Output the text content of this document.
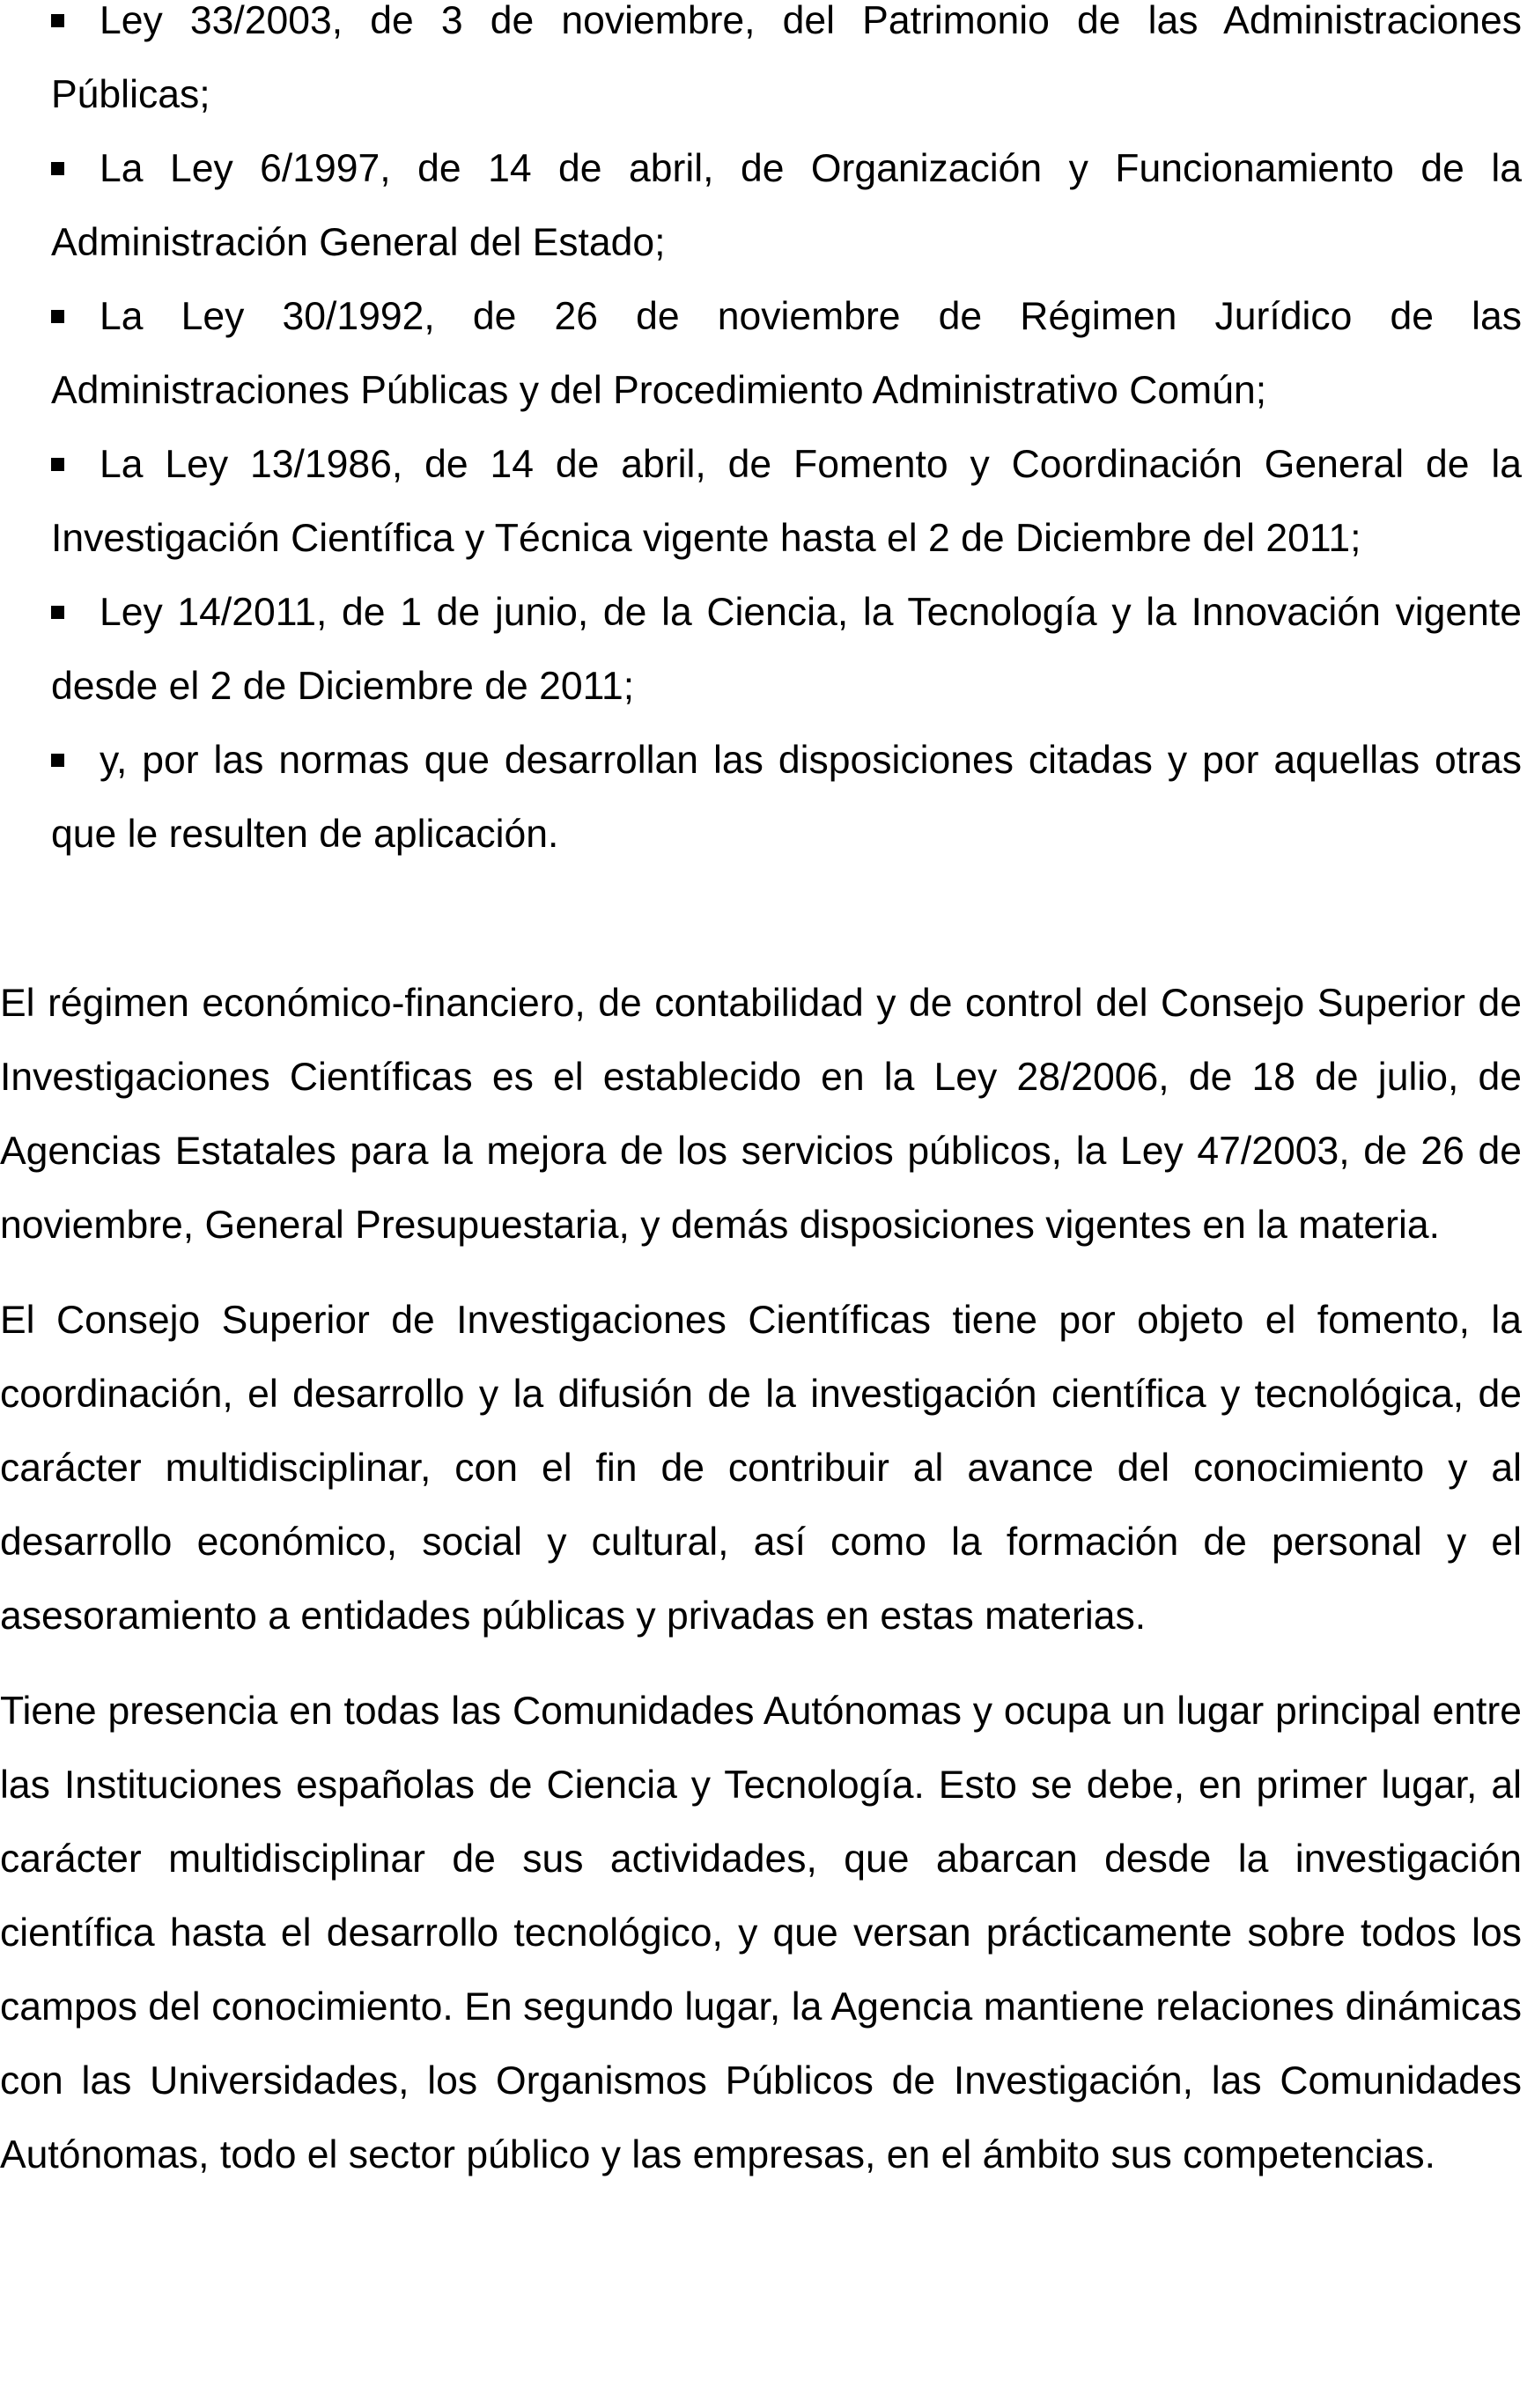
Ley 33/2003, de 3 de noviembre, del Patrimonio de las Administraciones Públicas;
La Ley 6/1997, de 14 de abril, de Organización y Funcionamiento de la Administración General del Estado;
La Ley 30/1992, de 26 de noviembre de Régimen Jurídico de las Administraciones Públicas y del Procedimiento Administrativo Común;
La Ley 13/1986, de 14 de abril, de Fomento y Coordinación General de la Investigación Científica y Técnica vigente hasta el 2 de Diciembre del 2011;
Ley 14/2011, de 1 de junio, de la Ciencia, la Tecnología y la Innovación vigente desde el 2 de Diciembre de 2011;
y, por las normas que desarrollan las disposiciones citadas y por aquellas otras que le resulten de aplicación.

El régimen económico-financiero, de contabilidad y de control del Consejo Superior de Investigaciones Científicas es el establecido en la Ley 28/2006, de 18 de julio, de Agencias Estatales para la mejora de los servicios públicos, la Ley 47/2003, de 26 de noviembre, General Presupuestaria, y demás disposiciones vigentes en la materia.

El Consejo Superior de Investigaciones Científicas tiene por objeto el fomento, la coordinación, el desarrollo y la difusión de la investigación científica y tecnológica, de carácter multidisciplinar, con el fin de contribuir al avance del conocimiento y al desarrollo económico, social y cultural, así como la formación de personal y el asesoramiento a entidades públicas y privadas en estas materias.

Tiene presencia en todas las Comunidades Autónomas y ocupa un lugar principal entre las Instituciones españolas de Ciencia y Tecnología. Esto se debe, en primer lugar, al carácter multidisciplinar de sus actividades, que abarcan desde la investigación científica hasta el desarrollo tecnológico, y que versan prácticamente sobre todos los campos del conocimiento. En segundo lugar, la Agencia mantiene relaciones dinámicas con las Universidades, los Organismos Públicos de Investigación, las Comunidades Autónomas, todo el sector público y las empresas, en el ámbito sus competencias.
